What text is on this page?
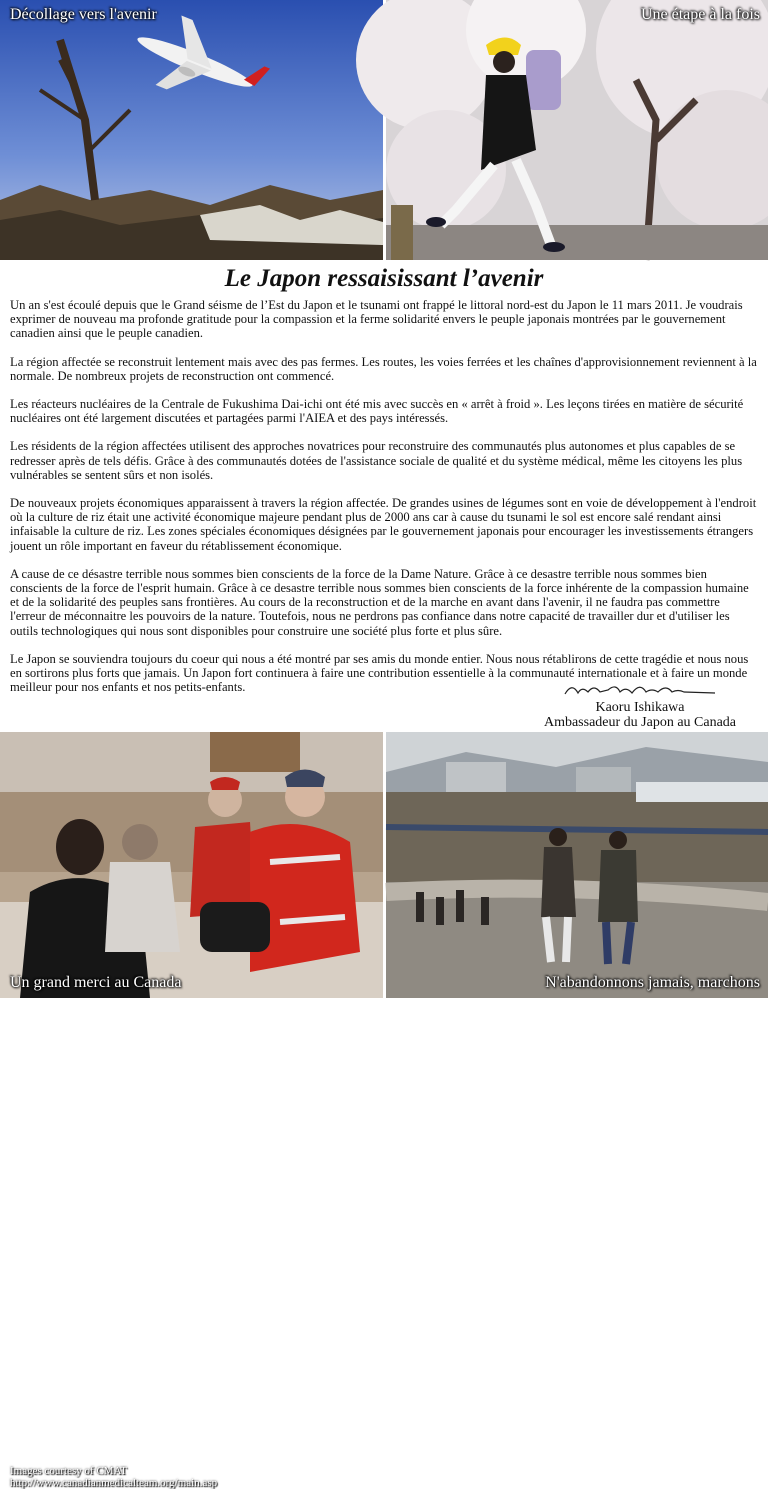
Décollage vers l'avenir	Une étape à la fois
Le Japon ressaisissant l’avenir

Un an s'est écoulé depuis que le Grand séisme de l’Est du Japon et le tsunami ont frappé le littoral nord-est du Japon le 11 mars 2011. Je voudrais exprimer de nouveau ma profonde gratitude pour la compassion et la ferme solidarité envers le peuple japonais montrées par le gouvernement canadien ainsi que le peuple canadien.

La région affectée se reconstruit lentement mais avec des pas fermes. Les routes, les voies ferrées et les chaînes d'approvisionnement reviennent à la normale. De nombreux projets de reconstruction ont commencé.

Les réacteurs nucléaires de la Centrale de Fukushima Dai-ichi ont été mis avec succès en « arrêt à froid ». Les leçons tirées en matière de sécurité nucléaires ont été largement discutées et partagées parmi l'AIEA et des pays intéressés.

Les résidents de la région affectées utilisent des approches novatrices pour reconstruire des communautés plus autonomes et plus capables de se redresser après de tels défis. Grâce à des communautés dotées de l'assistance sociale de qualité et du système médical, même les citoyens les plus vulnérables se sentent sûrs et non isolés.

De nouveaux projets économiques apparaissent à travers la région affectée. De grandes usines de légumes sont en voie de développement à l'endroit où la culture de riz était une activité économique majeure pendant plus de 2000 ans car à cause du tsunami le sol est encore salé rendant ainsi infaisable la culture de riz. Les zones spéciales économiques désignées par le gouvernement japonais pour encourager les investissements étrangers jouent un rôle important en faveur du rétablissement économique.

A cause de ce désastre terrible nous sommes bien conscients de la force de la Dame Nature. Grâce à ce desastre terrible nous sommes bien conscients de la force de l'esprit humain. Grâce à ce desastre terrible nous sommes bien conscients de la force inhérente de la compassion humaine et de la solidarité des peuples sans frontières. Au cours de la reconstruction et de la marche en avant dans l'avenir, il ne faudra pas commettre l'erreur de méconnaitre les pouvoirs de la nature. Toutefois, nous ne perdrons pas confiance dans notre capacité de travailler dur et d'utiliser les outils technologiques qui nous sont disponibles pour construire une société plus forte et plus sûre.

Le Japon se souviendra toujours du coeur qui nous a été montré par ses amis du monde entier. Nous nous rétablirons de cette tragédie et nous nous en sortirons plus forts que jamais. Un Japon fort continuera à faire une contribution essentielle à la communauté internationale et à faire un monde meilleur pour nos enfants et nos petits-enfants.

Kaoru Ishikawa
Ambassadeur du Japon au Canada
Images courtesy of CMAT
http://www.canadianmedicalteam.org/main.asp
Un grand merci au Canada	N'abandonnons jamais, marchons
